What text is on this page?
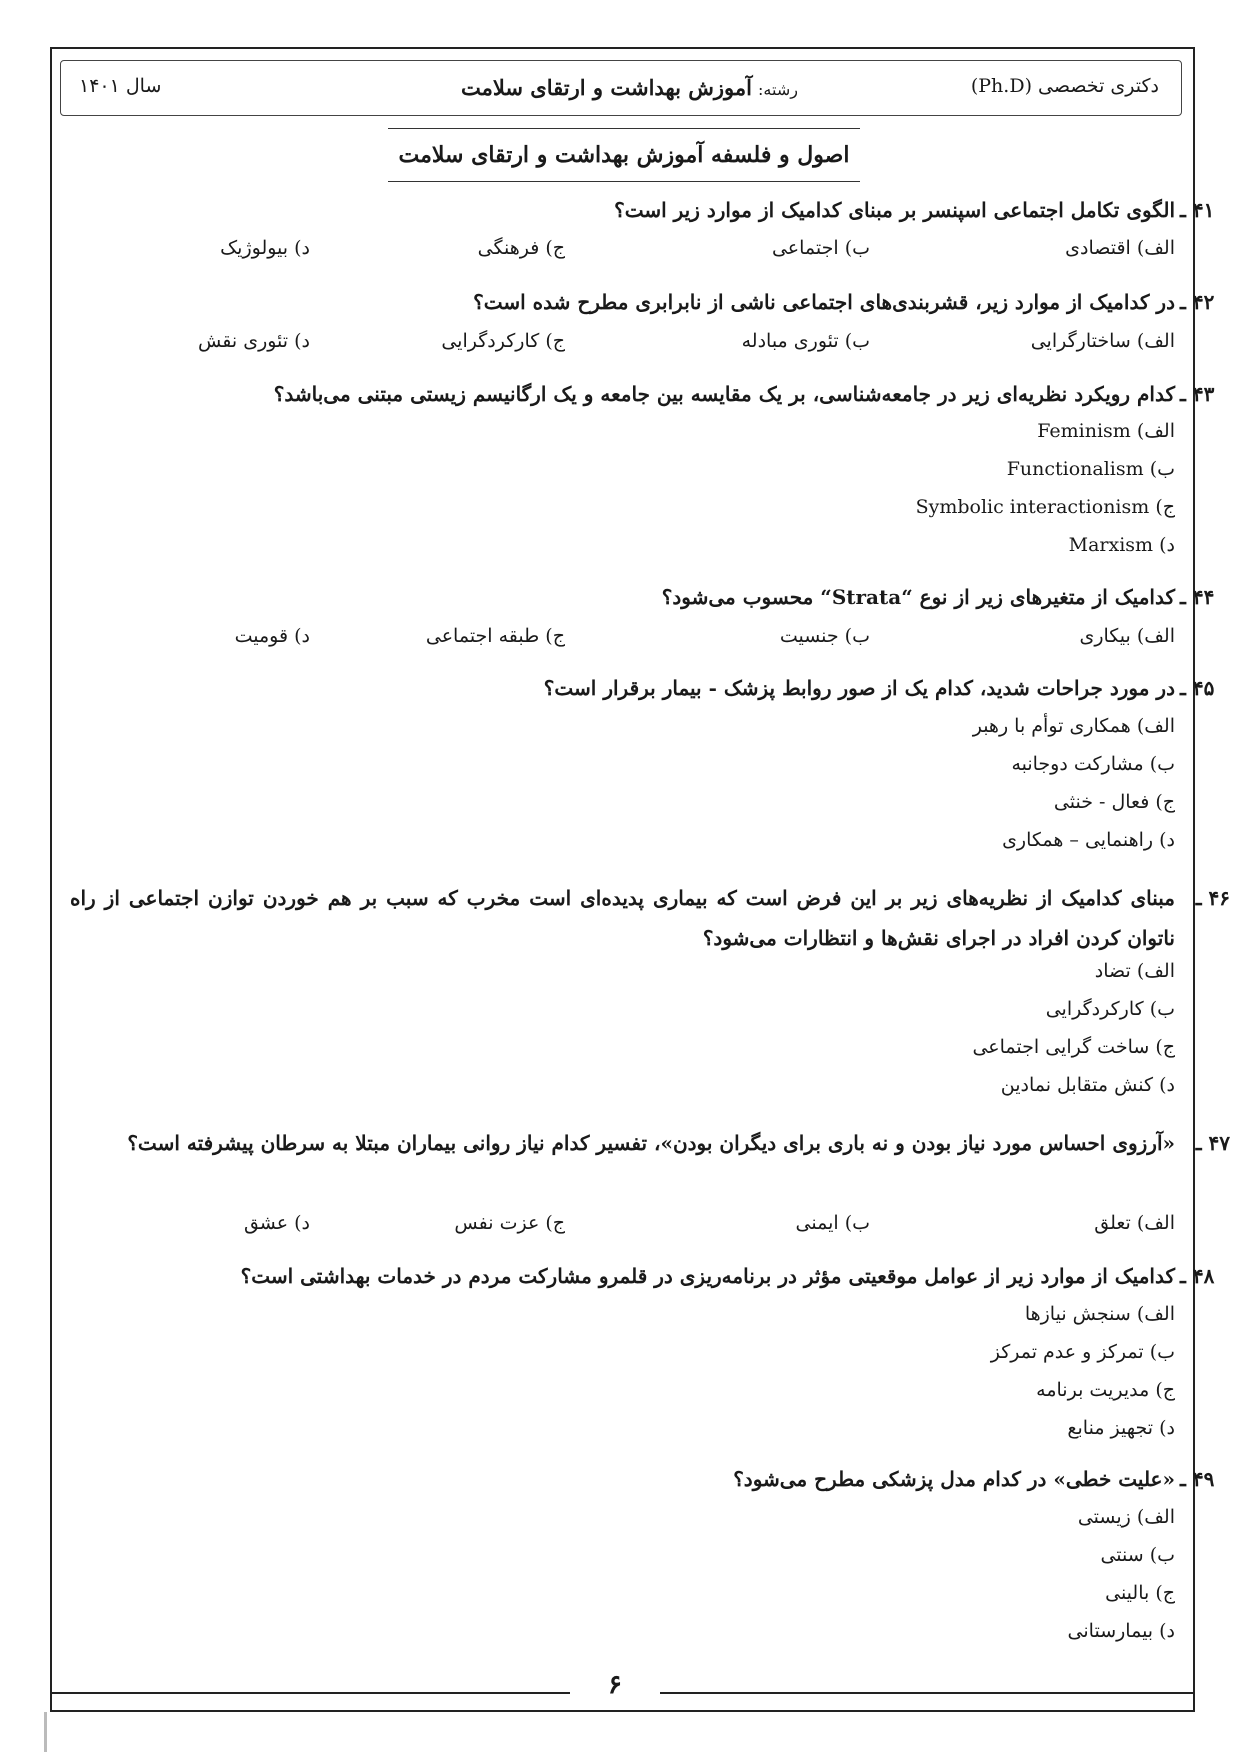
دکتری تخصصی (Ph.D)
رشته: آموزش بهداشت و ارتقای سلامت
سال ۱۴۰۱
اصول و فلسفه آموزش بهداشت و ارتقای سلامت
الگوی تکامل اجتماعی اسپنسر بر مبنای کدامیک از موارد زیر است؟ ۴۱ ـ
الف) اقتصادی
ب) اجتماعی
ج) فرهنگی
د) بیولوژیک
در کدامیک از موارد زیر، قشربندی‌های اجتماعی ناشی از نابرابری مطرح شده است؟ ۴۲ ـ
الف) ساختارگرایی
ب) تئوری مبادله
ج) کارکردگرایی
د) تئوری نقش
کدام رویکرد نظریه‌ای زیر در جامعه‌شناسی، بر یک مقایسه بین جامعه و یک ارگانیسم زیستی مبتنی می‌باشد؟ ۴۳ ـ
الف) Feminism
ب) Functionalism
ج) Symbolic interactionism
د) Marxism
کدامیک از متغیرهای زیر از نوع “Strata“ محسوب می‌شود؟ ۴۴ ـ
الف) بیکاری
ب) جنسیت
ج) طبقه اجتماعی
د) قومیت
در مورد جراحات شدید، کدام یک از صور روابط پزشک - بیمار برقرار است؟ ۴۵ ـ
الف) همکاری توأم با رهبر
ب) مشارکت دوجانبه
ج) فعال - خنثی
د) راهنمایی – همکاری
مبنای کدامیک از نظریه‌های زیر بر این فرض است که بیماری پدیده‌ای است مخرب که سبب بر هم خوردن توازن اجتماعی از راه ناتوان کردن افراد در اجرای نقش‌ها و انتظارات می‌شود؟
۴۶ ـ
الف) تضاد
ب) کارکردگرایی
ج) ساخت گرایی اجتماعی
د) کنش متقابل نمادین
«آرزوی احساس مورد نیاز بودن و نه باری برای دیگران بودن»، تفسیر کدام نیاز روانی بیماران مبتلا به سرطان پیشرفته است؟	۴۷ ـ
الف) تعلق
ب) ایمنی
ج) عزت نفس
د) عشق
کدامیک از موارد زیر از عوامل موقعیتی مؤثر در برنامه‌ریزی در قلمرو مشارکت مردم در خدمات بهداشتی است؟ ۴۸ ـ
الف) سنجش نیازها
ب) تمرکز و عدم تمرکز
ج) مدیریت برنامه
د) تجهیز منابع
«علیت خطی» در کدام مدل پزشکی مطرح می‌شود؟ ۴۹ ـ
الف) زیستی
ب) سنتی
ج) بالینی
د) بیمارستانی
۶
